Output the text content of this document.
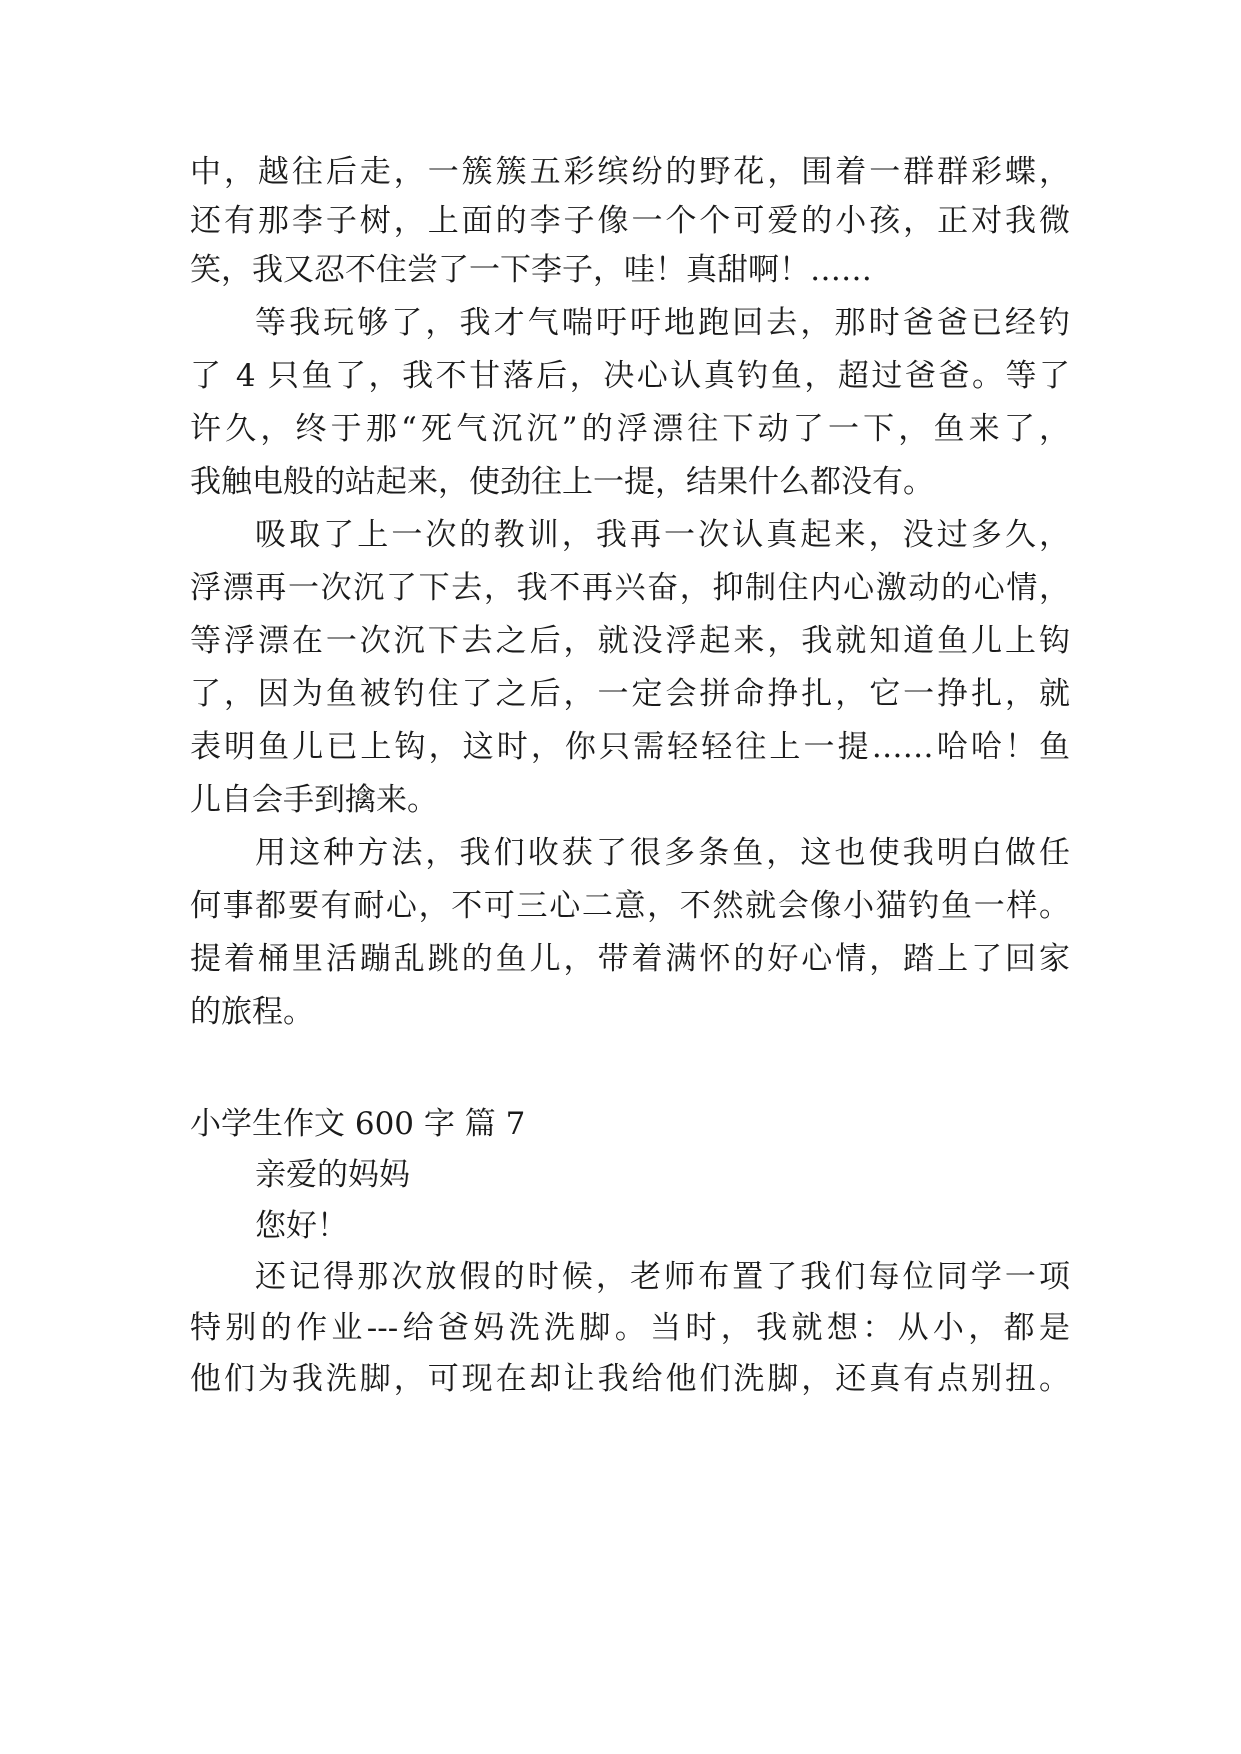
中，越往后走，一簇簇五彩缤纷的野花，围着一群群彩蝶，
还有那李子树，上面的李子像一个个可爱的小孩，正对我微
笑，我又忍不住尝了一下李子，哇！真甜啊！……
等我玩够了，我才气喘吁吁地跑回去，那时爸爸已经钓
了 4 只鱼了，我不甘落后，决心认真钓鱼，超过爸爸。等了
许久，终于那“死气沉沉”的浮漂往下动了一下，鱼来了，
我触电般的站起来，使劲往上一提，结果什么都没有。
吸取了上一次的教训，我再一次认真起来，没过多久，
浮漂再一次沉了下去，我不再兴奋，抑制住内心激动的心情，
等浮漂在一次沉下去之后，就没浮起来，我就知道鱼儿上钩
了，因为鱼被钓住了之后，一定会拼命挣扎，它一挣扎，就
表明鱼儿已上钩，这时，你只需轻轻往上一提……哈哈！鱼
儿自会手到擒来。
用这种方法，我们收获了很多条鱼，这也使我明白做任
何事都要有耐心，不可三心二意，不然就会像小猫钓鱼一样。
提着桶里活蹦乱跳的鱼儿，带着满怀的好心情，踏上了回家
的旅程。
小学生作文 600 字 篇 7
亲爱的妈妈
您好！
还记得那次放假的时候，老师布置了我们每位同学一项
特别的作业---给爸妈洗洗脚。当时，我就想：从小，都是
他们为我洗脚，可现在却让我给他们洗脚，还真有点别扭。
